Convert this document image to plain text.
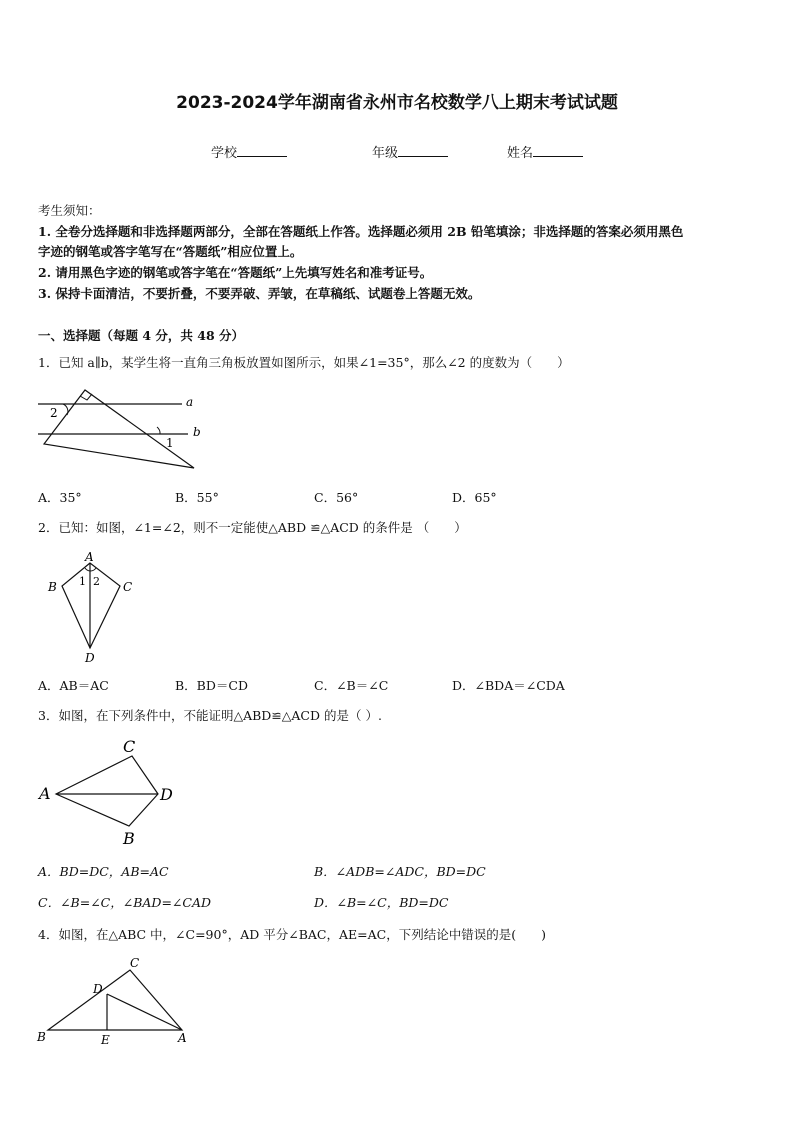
2023-2024学年湖南省永州市名校数学八上期末考试试题
学校	年级	姓名
考生须知：
1. 全卷分选择题和非选择题两部分，全部在答题纸上作答。选择题必须用 2B 铅笔填涂；非选择题的答案必须用黑色
字迹的钢笔或答字笔写在“答题纸”相应位置上。
2. 请用黑色字迹的钢笔或答字笔在“答题纸”上先填写姓名和准考证号。
3. 保持卡面清洁，不要折叠，不要弄破、弄皱，在草稿纸、试题卷上答题无效。
一、选择题（每题 4 分，共 48 分）
1．已知 a∥b，某学生将一直角三角板放置如图所示，如果∠1=35°，那么∠2 的度数为（　　）
a
b
2
1
A．35°	B．55°	C．56°	D．65°
2．已知：如图，∠1=∠2，则不一定能使△ABD ≌△ACD 的条件是 （　　）
A
B	C
D
1 2
A．AB＝AC	B．BD＝CD	C．∠B＝∠C	D．∠BDA＝∠CDA
3．如图，在下列条件中，不能证明△ABD≌△ACD 的是（ ）.
C
A	D
B
A．BD=DC，AB=AC	B．∠ADB=∠ADC，BD=DC
C．∠B=∠C，∠BAD=∠CAD	D．∠B=∠C，BD=DC
4．如图，在△ABC 中，∠C=90°，AD 平分∠BAC，AE=AC，下列结论中错误的是(　　)
C
D
B	E	A
